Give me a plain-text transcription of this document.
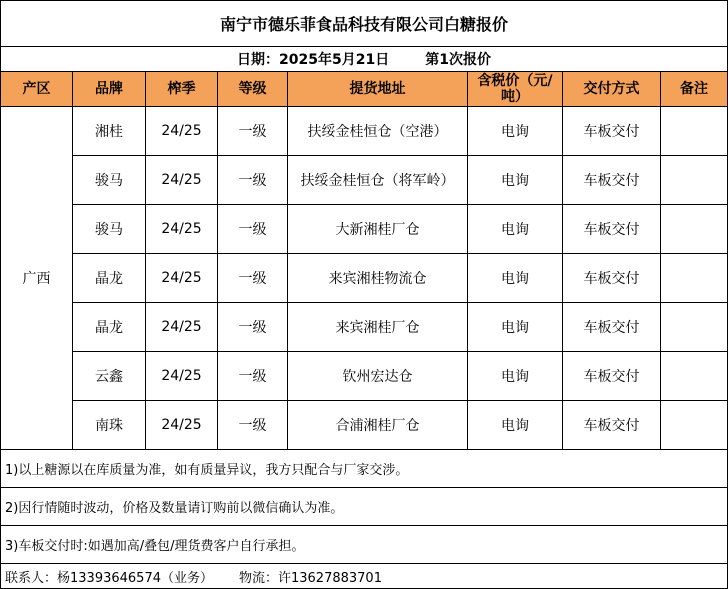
南宁市德乐菲食品科技有限公司白糖报价							
日期：2025年5月21日 第1次报价							
产区	品牌	榨季	等级	提货地址	含税价（元/吨）	交付方式	备注
广西	湘桂	24/25	一级	扶绥金桂恒仓（空港）	电询	车板交付	
	骏马	24/25	一级	扶绥金桂恒仓（将军岭）	电询	车板交付	
	骏马	24/25	一级	大新湘桂厂仓	电询	车板交付	
	晶龙	24/25	一级	来宾湘桂物流仓	电询	车板交付	
	晶龙	24/25	一级	来宾湘桂厂仓	电询	车板交付	
	云鑫	24/25	一级	钦州宏达仓	电询	车板交付	
	南珠	24/25	一级	合浦湘桂厂仓	电询	车板交付	
1)以上糖源以在库质量为准，如有质量异议，我方只配合与厂家交涉。							
2)因行情随时波动，价格及数量请订购前以微信确认为准。							
3)车板交付时:如遇加高/叠包/理货费客户自行承担。							
联系人：杨13393646574（业务） 物流：许13627883701							
